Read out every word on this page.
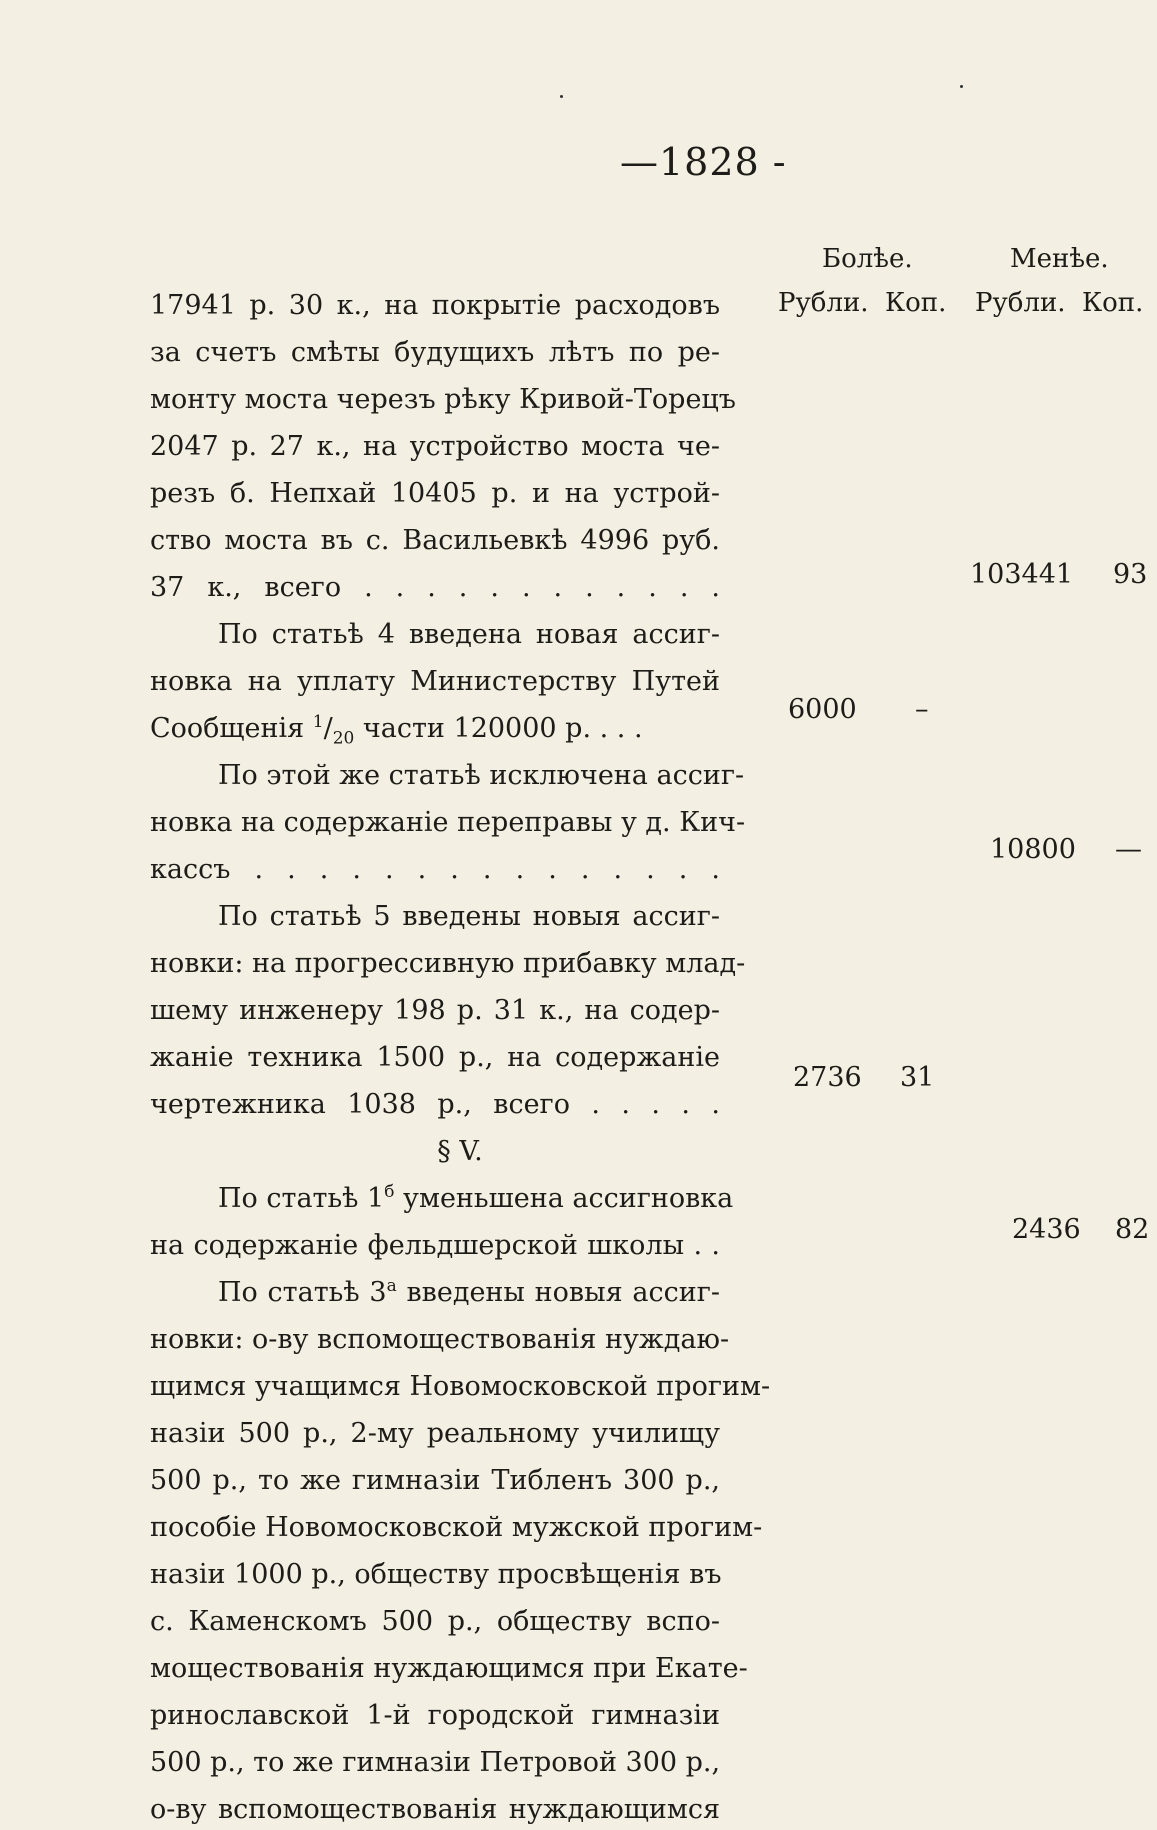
—1828 -
Болѣе.	Менѣе.
Рубли. Коп. Рубли. Коп.
17941 р. 30 к., на покрытіе расходовъ
за счетъ смѣты будущихъ лѣтъ по ре-
монту моста черезъ рѣку Кривой-Торецъ
2047 р. 27 к., на устройство моста че-
резъ б. Непхай 10405 р. и на устрой-
ство моста въ с. Васильевкѣ 4996 руб.
37 к., всего . . . . . . . . . . . .	103441 93
По статьѣ 4 введена новая ассиг-
новка на уплату Министерству Путей
Сообщенія $^1/_{20}$ части 120000 р. . . .
6000 –
По этой же статьѣ исключена ассиг-
новка на содержаніе переправы у д. Кич-
кассъ . . . . . . . . . . . . . . .
10800 —
По статьѣ 5 введены новыя ассиг-
новки: на прогрессивную прибавку млад-
шему инженеру 198 р. 31 к., на содер-
жаніе техника 1500 р., на содержаніе
чертежника 1038 р., всего . . . . .
2736 31
§ V.
По статьѣ $1^б$ уменьшена ассигновка
на содержаніе фельдшерской школы . .
2436 82
По статьѣ $3^а$ введены новыя ассиг-
новки: о-ву вспомоществованія нуждаю-
щимся учащимся Новомосковской прогим-
назіи 500 р., 2-му реальному училищу
500 р., то же гимназіи Тибленъ 300 р.,
пособіе Новомосковской мужской прогим-
назіи 1000 р., обществу просвѣщенія въ
с. Каменскомъ 500 р., обществу вспо-
моществованія нуждающимся при Екате-
ринославской 1-й городской гимназіи
500 р., то же гимназіи Петровой 300 р.,
о-ву вспомоществованія нуждающимся
